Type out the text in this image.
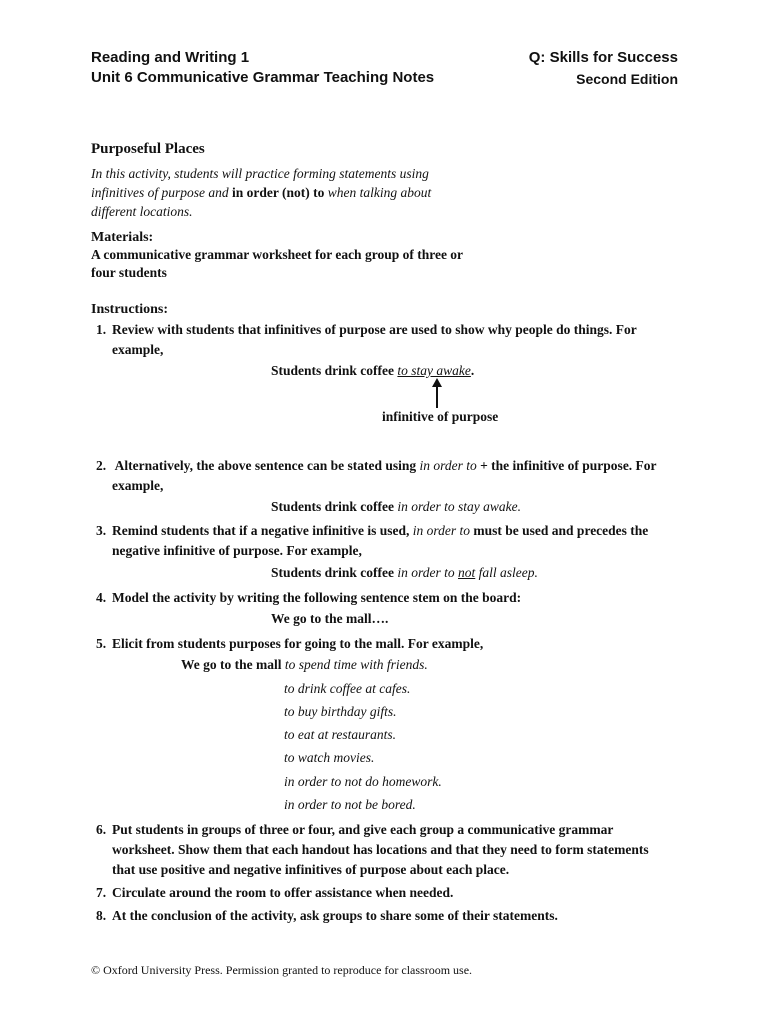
Reading and Writing 1
Unit 6 Communicative Grammar Teaching Notes
Q: Skills for Success
Second Edition
Purposeful Places
In this activity, students will practice forming statements using
infinitives of purpose and in order (not) to when talking about
different locations.
Materials:
A communicative grammar worksheet for each group of three or
four students
Instructions:
1. Review with students that infinitives of purpose are used to show why people do things. For
example,
Students drink coffee to stay awake.
infinitive of purpose
2. Alternatively, the above sentence can be stated using in order to + the infinitive of purpose. For
example,
Students drink coffee in order to stay awake.
3. Remind students that if a negative infinitive is used, in order to must be used and precedes the
negative infinitive of purpose. For example,
Students drink coffee in order to not fall asleep.
4. Model the activity by writing the following sentence stem on the board:
We go to the mall….
5. Elicit from students purposes for going to the mall. For example,
We go to the mall to spend time with friends.
to drink coffee at cafes.
to buy birthday gifts.
to eat at restaurants.
to watch movies.
in order to not do homework.
in order to not be bored.
6. Put students in groups of three or four, and give each group a communicative grammar
worksheet. Show them that each handout has locations and that they need to form statements
that use positive and negative infinitives of purpose about each place.
7. Circulate around the room to offer assistance when needed.
8. At the conclusion of the activity, ask groups to share some of their statements.
© Oxford University Press. Permission granted to reproduce for classroom use.
